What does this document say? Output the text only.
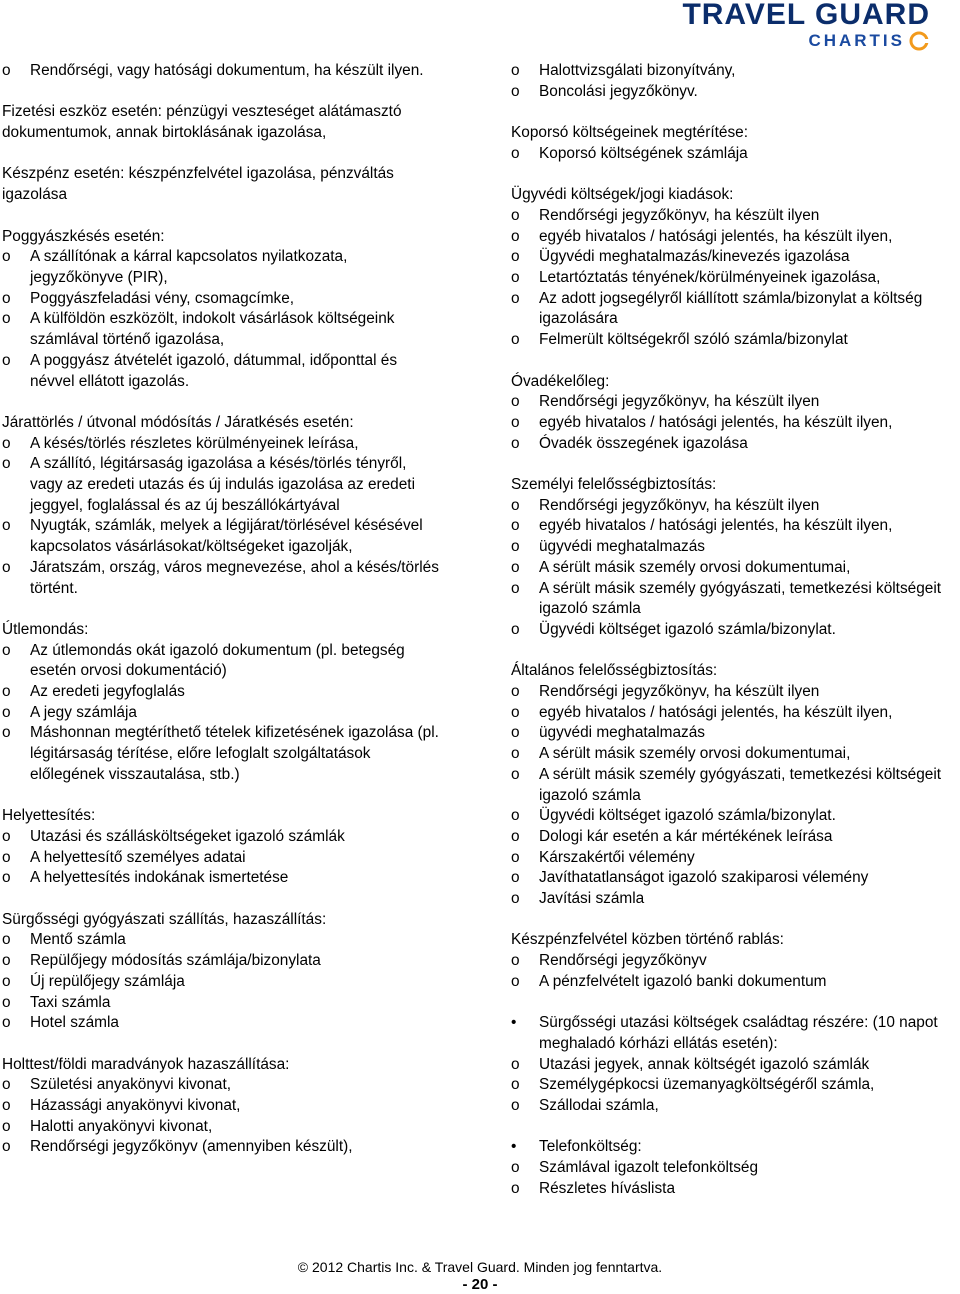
TRAVEL GUARD
CHARTIS
o	Rendőrségi, vagy hatósági dokumentum, ha készült ilyen.
Fizetési eszköz esetén: pénzügyi veszteséget alátámasztó dokumentumok, annak birtoklásának igazolása,
Készpénz esetén: készpénzfelvétel igazolása, pénzváltás igazolása
Poggyászkésés esetén:
o	A szállítónak a kárral kapcsolatos nyilatkozata, jegyzőkönyve (PIR),
o	Poggyászfeladási vény, csomagcímke,
o	A külföldön eszközölt, indokolt vásárlások költségeink számlával történő igazolása,
o	A poggyász átvételét igazoló, dátummal, időponttal és névvel ellátott igazolás.
Járattörlés / útvonal módósítás / Járatkésés esetén:
o	A késés/törlés részletes körülményeinek leírása,
o	A szállító, légitársaság igazolása a késés/törlés tényről, vagy az eredeti utazás és új indulás igazolása az eredeti jeggyel, foglalással és az új beszállókártyával
o	Nyugták, számlák, melyek a légijárat/törlésével késésével kapcsolatos vásárlásokat/költségeket igazolják,
o	Járatszám, ország, város megnevezése, ahol a késés/törlés történt.
Útlemondás:
o	Az útlemondás okát igazoló dokumentum (pl. betegség esetén orvosi dokumentáció)
o	Az eredeti jegyfoglalás
o	A jegy számlája
o	Máshonnan megtéríthető tételek kifizetésének igazolása (pl. légitársaság térítése, előre lefoglalt szolgáltatások előlegének visszautalása, stb.)
Helyettesítés:
o	Utazási és szállásköltségeket igazoló számlák
o	A helyettesítő személyes adatai
o	A helyettesítés indokának ismertetése
Sürgősségi gyógyászati szállítás, hazaszállítás:
o	Mentő számla
o	Repülőjegy módosítás számlája/bizonylata
o	Új repülőjegy számlája
o	Taxi számla
o	Hotel számla
Holttest/földi maradványok hazaszállítása:
o	Születési anyakönyvi kivonat,
o	Házassági anyakönyvi kivonat,
o	Halotti anyakönyvi kivonat,
o	Rendőrségi jegyzőkönyv (amennyiben készült),
o	Halottvizsgálati bizonyítvány,
o	Boncolási jegyzőkönyv.
Koporsó költségeinek megtérítése:
o	Koporsó költségének számlája
Ügyvédi költségek/jogi kiadások:
o	Rendőrségi jegyzőkönyv, ha készült ilyen
o	egyéb hivatalos / hatósági jelentés, ha készült ilyen,
o	Ügyvédi meghatalmazás/kinevezés igazolása
o	Letartóztatás tényének/körülményeinek igazolása,
o	Az adott jogsegélyről kiállított számla/bizonylat a költség igazolására
o	Felmerült költségekről szóló számla/bizonylat
Óvadékelőleg:
o	Rendőrségi jegyzőkönyv, ha készült ilyen
o	egyéb hivatalos / hatósági jelentés, ha készült ilyen,
o	Óvadék összegének igazolása
Személyi felelősségbiztosítás:
o	Rendőrségi jegyzőkönyv, ha készült ilyen
o	egyéb hivatalos / hatósági jelentés, ha készült ilyen,
o	ügyvédi meghatalmazás
o	A sérült másik személy orvosi dokumentumai,
o	A sérült másik személy gyógyászati, temetkezési költségeit igazoló számla
o	Ügyvédi költséget igazoló számla/bizonylat.
Általános felelősségbiztosítás:
o	Rendőrségi jegyzőkönyv, ha készült ilyen
o	egyéb hivatalos / hatósági jelentés, ha készült ilyen,
o	ügyvédi meghatalmazás
o	A sérült másik személy orvosi dokumentumai,
o	A sérült másik személy gyógyászati, temetkezési költségeit igazoló számla
o	Ügyvédi költséget igazoló számla/bizonylat.
o	Dologi kár esetén a kár mértékének leírása
o	Kárszakértői vélemény
o	Javíthatatlanságot igazoló szakiparosi vélemény
o	Javítási számla
Készpénzfelvétel közben történő rablás:
o	Rendőrségi jegyzőkönyv
o	A pénzfelvételt igazoló banki dokumentum
•	Sürgősségi utazási költségek családtag részére: (10 napot meghaladó kórházi ellátás esetén):
o	Utazási jegyek, annak költségét igazoló számlák
o	Személygépkocsi üzemanyagköltségéről számla,
o	Szállodai számla,
•	Telefonköltség:
o	Számlával igazolt telefonköltség
o	Részletes híváslista
© 2012 Chartis Inc. & Travel Guard. Minden jog fenntartva.
- 20 -
